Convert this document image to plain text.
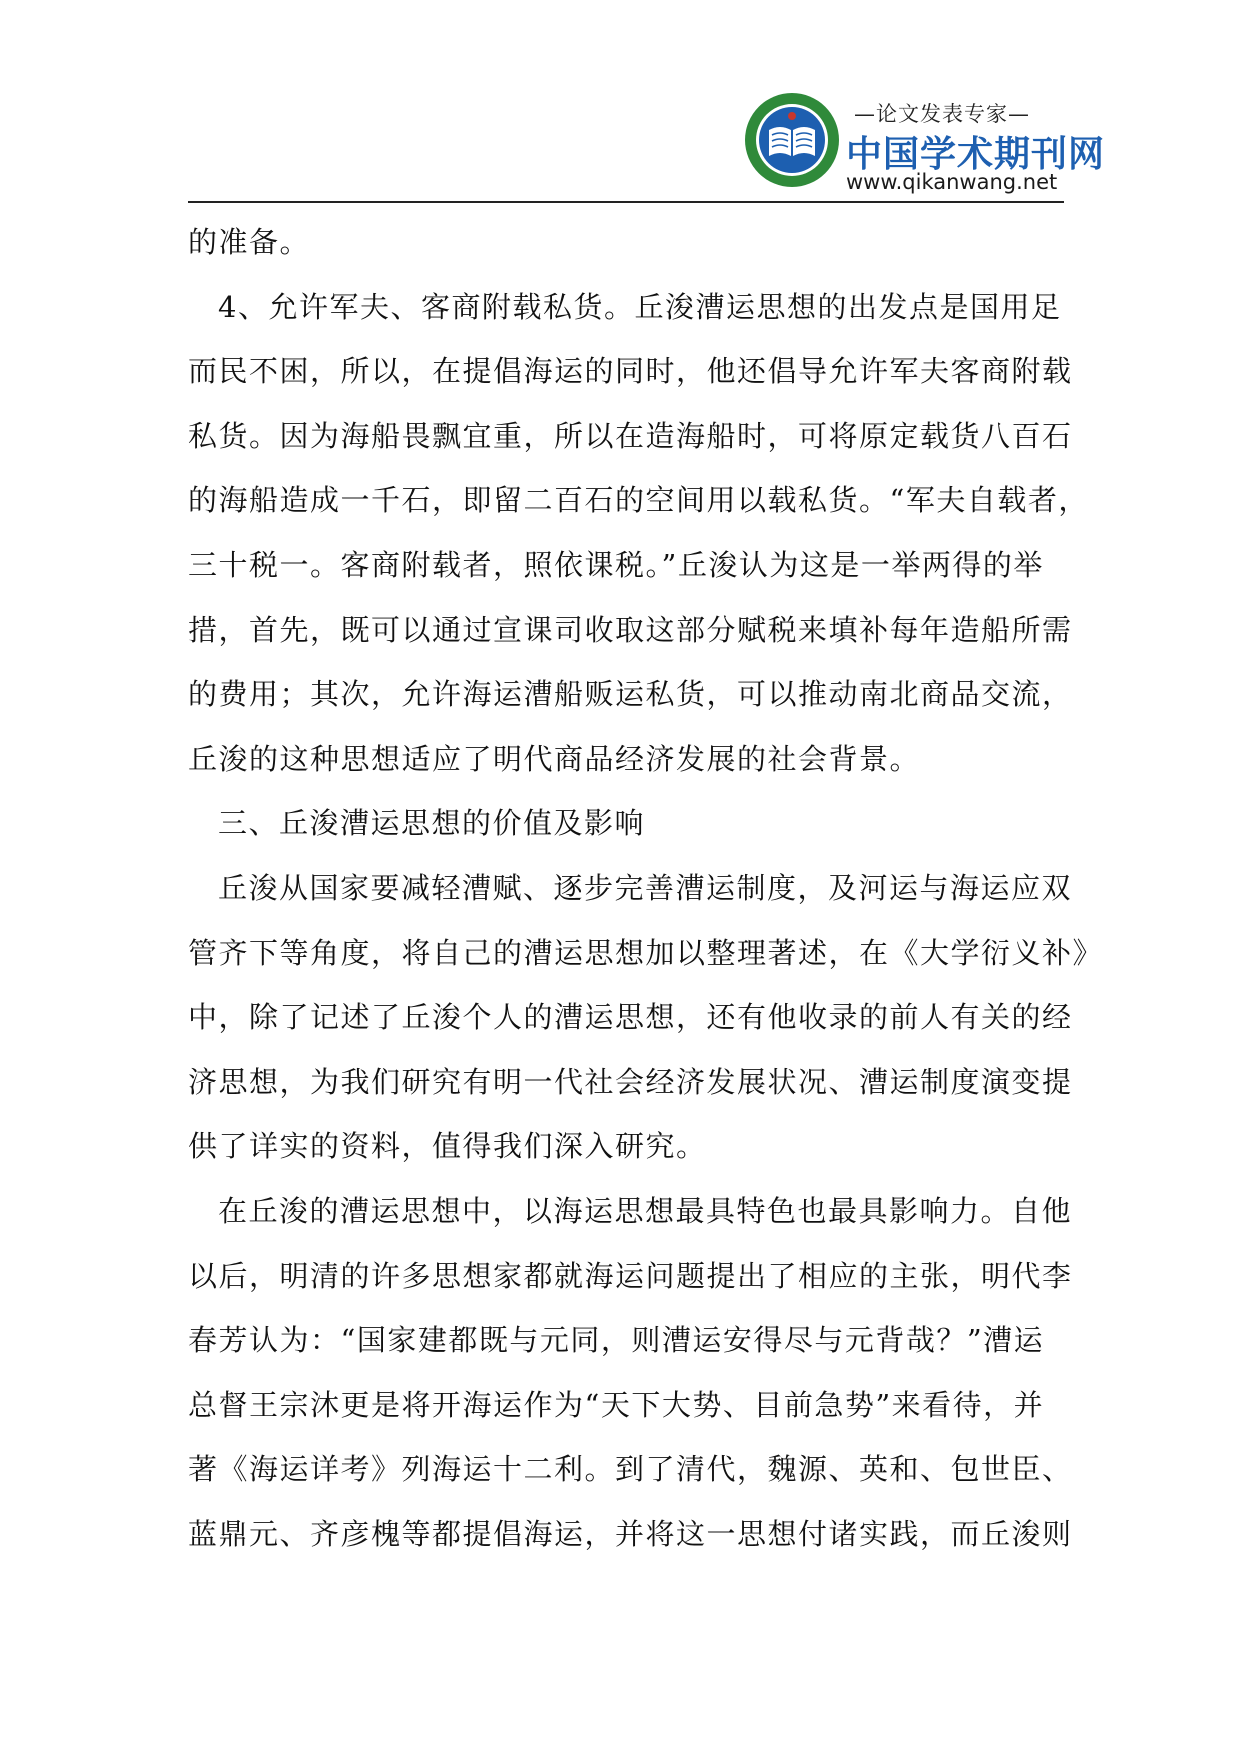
—论文发表专家—
中国学术期刊网
www.qikanwang.net
的准备。
4、允许军夫、客商附载私货。丘浚漕运思想的出发点是国用足
而民不困，所以，在提倡海运的同时，他还倡导允许军夫客商附载
私货。因为海船畏飘宜重，所以在造海船时，可将原定载货八百石
的海船造成一千石，即留二百石的空间用以载私货。“军夫自载者，
三十税一。客商附载者，照依课税。”丘浚认为这是一举两得的举
措，首先，既可以通过宣课司收取这部分赋税来填补每年造船所需
的费用；其次，允许海运漕船贩运私货，可以推动南北商品交流，
丘浚的这种思想适应了明代商品经济发展的社会背景。
三、丘浚漕运思想的价值及影响
丘浚从国家要减轻漕赋、逐步完善漕运制度，及河运与海运应双
管齐下等角度，将自己的漕运思想加以整理著述，在《大学衍义补》
中，除了记述了丘浚个人的漕运思想，还有他收录的前人有关的经
济思想，为我们研究有明一代社会经济发展状况、漕运制度演变提
供了详实的资料，值得我们深入研究。
在丘浚的漕运思想中，以海运思想最具特色也最具影响力。自他
以后，明清的许多思想家都就海运问题提出了相应的主张，明代李
春芳认为：“国家建都既与元同，则漕运安得尽与元背哉？”漕运
总督王宗沐更是将开海运作为“天下大势、目前急势”来看待，并
著《海运详考》列海运十二利。到了清代，魏源、英和、包世臣、
蓝鼎元、齐彦槐等都提倡海运，并将这一思想付诸实践，而丘浚则
